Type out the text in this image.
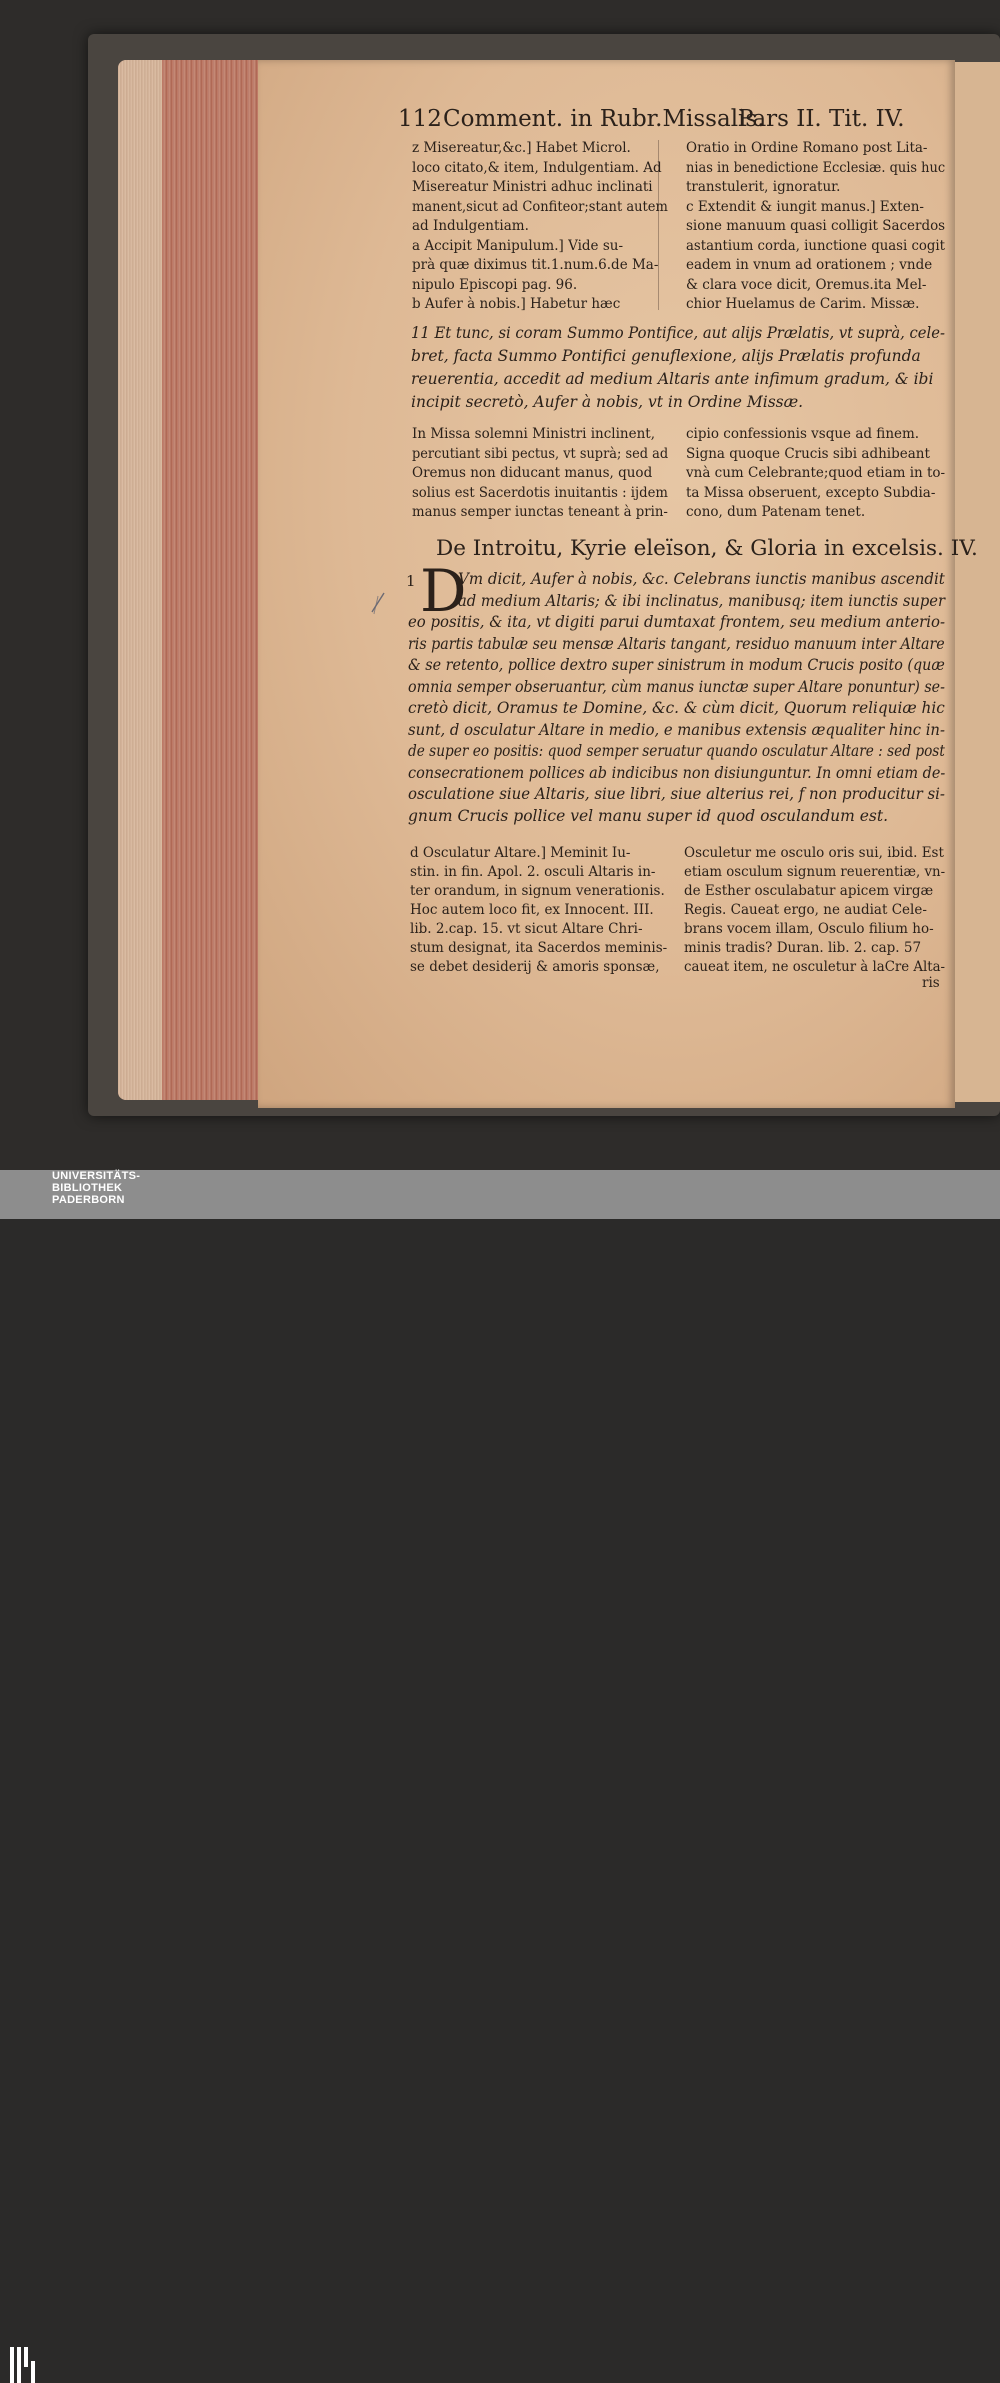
112 Comment. in Rubr.Missalis.
Pars II. Tit. IV.
z Misereatur,&c.] Habet Microl.
loco citato,& item, Indulgentiam. Ad
Misereatur Ministri adhuc inclinati
manent,sicut ad Confiteor;stant autem
ad Indulgentiam.
a Accipit Manipulum.] Vide su-
prà quæ diximus tit.1.num.6.de Ma-
nipulo Episcopi pag. 96.
b Aufer à nobis.] Habetur hæc
Oratio in Ordine Romano post Lita-
nias in benedictione Ecclesiæ. quis huc
transtulerit, ignoratur.
c Extendit & iungit manus.] Exten-
sione manuum quasi colligit Sacerdos
astantium corda, iunctione quasi cogit
eadem in vnum ad orationem ; vnde
& clara voce dicit, Oremus.ita Mel-
chior Huelamus de Carim. Missæ.
11 Et tunc, si coram Summo Pontifice, aut alijs Prælatis, vt suprà, cele-
bret, facta Summo Pontifici genuflexione, alijs Prælatis profunda
reuerentia, accedit ad medium Altaris ante infimum gradum, & ibi
incipit secretò, Aufer à nobis, vt in Ordine Missæ.
In Missa solemni Ministri inclinent,
percutiant sibi pectus, vt suprà; sed ad
Oremus non diducant manus, quod
solius est Sacerdotis inuitantis : ijdem
manus semper iunctas teneant à prin-
cipio confessionis vsque ad finem.
Signa quoque Crucis sibi adhibeant
vnà cum Celebrante;quod etiam in to-
ta Missa obseruent, excepto Subdia-
cono, dum Patenam tenet.
De Introitu, Kyrie eleïson, & Gloria in excelsis. IV.
1 D
Vm dicit, Aufer à nobis, &c. Celebrans iunctis manibus ascendit
ad medium Altaris; & ibi inclinatus, manibusq; item iunctis super
eo positis, & ita, vt digiti parui dumtaxat frontem, seu medium anterio-
ris partis tabulæ seu mensæ Altaris tangant, residuo manuum inter Altare
& se retento, pollice dextro super sinistrum in modum Crucis posito (quæ
omnia semper obseruantur, cùm manus iunctæ super Altare ponuntur) se-
cretò dicit, Oramus te Domine, &c. & cùm dicit, Quorum reliquiæ hic
sunt, d osculatur Altare in medio, e manibus extensis æqualiter hinc in-
de super eo positis: quod semper seruatur quando osculatur Altare : sed post
consecrationem pollices ab indicibus non disiunguntur. In omni etiam de-
osculatione siue Altaris, siue libri, siue alterius rei, f non producitur si-
gnum Crucis pollice vel manu super id quod osculandum est.
d Osculatur Altare.] Meminit Iu-
stin. in fin. Apol. 2. osculi Altaris in-
ter orandum, in signum venerationis.
Hoc autem loco fit, ex Innocent. III.
lib. 2.cap. 15. vt sicut Altare Chri-
stum designat, ita Sacerdos meminis-
se debet desiderij & amoris sponsæ,
Osculetur me osculo oris sui, ibid. Est
etiam osculum signum reuerentiæ, vn-
de Esther osculabatur apicem virgæ
Regis. Caueat ergo, ne audiat Cele-
brans vocem illam, Osculo filium ho-
minis tradis? Duran. lib. 2. cap. 57
caueat item, ne osculetur à laCre Alta-
ris
UNIVERSITÄTS-
BIBLIOTHEK
PADERBORN
